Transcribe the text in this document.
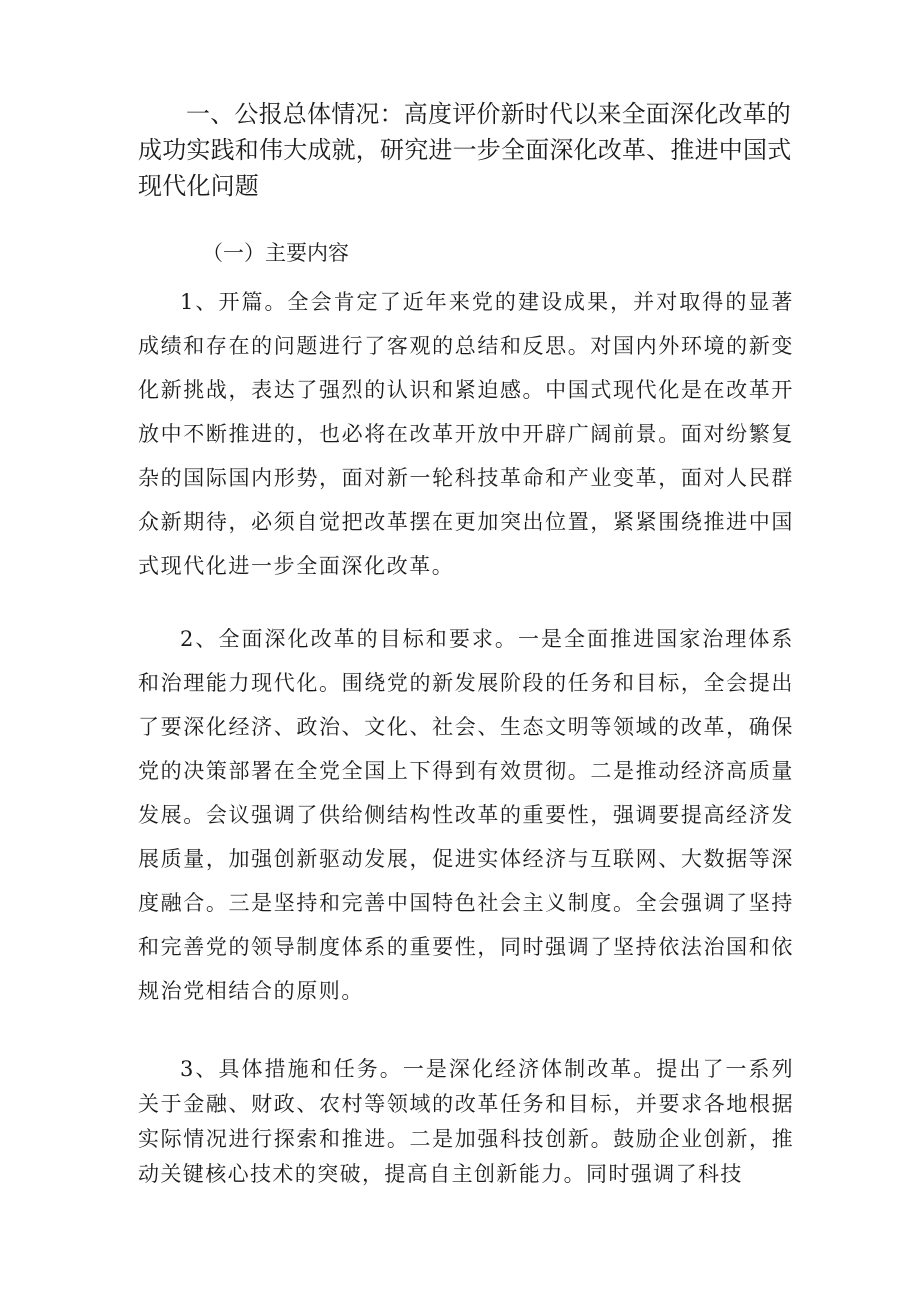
一、公报总体情况：高度评价新时代以来全面深化改革的成功实践和伟大成就，研究进一步全面深化改革、推进中国式现代化问题

（一）主要内容

1、开篇。全会肯定了近年来党的建设成果，并对取得的显著成绩和存在的问题进行了客观的总结和反思。对国内外环境的新变化新挑战，表达了强烈的认识和紧迫感。中国式现代化是在改革开放中不断推进的，也必将在改革开放中开辟广阔前景。面对纷繁复杂的国际国内形势，面对新一轮科技革命和产业变革，面对人民群众新期待，必须自觉把改革摆在更加突出位置，紧紧围绕推进中国式现代化进一步全面深化改革。

2、全面深化改革的目标和要求。一是全面推进国家治理体系和治理能力现代化。围绕党的新发展阶段的任务和目标，全会提出了要深化经济、政治、文化、社会、生态文明等领域的改革，确保党的决策部署在全党全国上下得到有效贯彻。二是推动经济高质量发展。会议强调了供给侧结构性改革的重要性，强调要提高经济发展质量，加强创新驱动发展，促进实体经济与互联网、大数据等深度融合。三是坚持和完善中国特色社会主义制度。全会强调了坚持和完善党的领导制度体系的重要性，同时强调了坚持依法治国和依规治党相结合的原则。

3、具体措施和任务。一是深化经济体制改革。提出了一系列关于金融、财政、农村等领域的改革任务和目标，并要求各地根据实际情况进行探索和推进。二是加强科技创新。鼓励企业创新，推动关键核心技术的突破，提高自主创新能力。同时强调了科技
